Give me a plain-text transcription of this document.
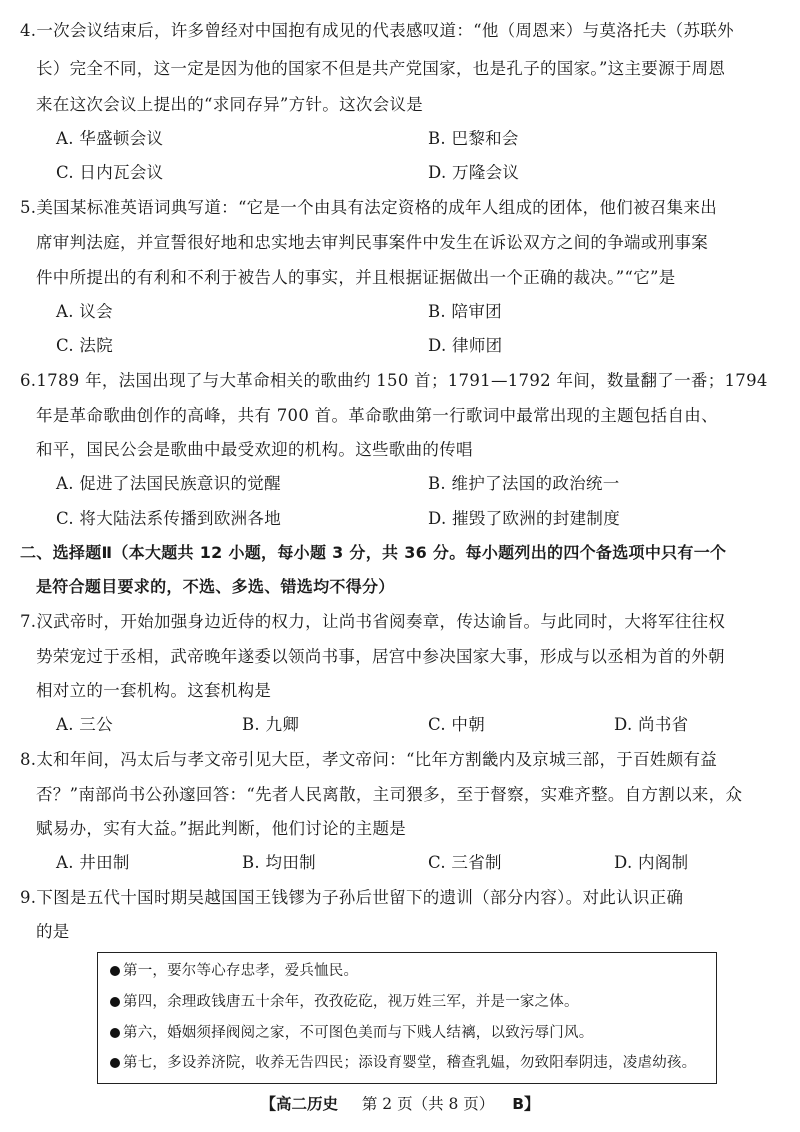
4.一次会议结束后，许多曾经对中国抱有成见的代表感叹道：“他（周恩来）与莫洛托夫（苏联外
长）完全不同，这一定是因为他的国家不但是共产党国家，也是孔子的国家。”这主要源于周恩
来在这次会议上提出的“求同存异”方针。这次会议是
A. 华盛顿会议	B. 巴黎和会
C. 日内瓦会议	D. 万隆会议
5.美国某标准英语词典写道：“它是一个由具有法定资格的成年人组成的团体，他们被召集来出
席审判法庭，并宣誓很好地和忠实地去审判民事案件中发生在诉讼双方之间的争端或刑事案
件中所提出的有利和不利于被告人的事实，并且根据证据做出一个正确的裁决。”“它”是
A. 议会	B. 陪审团
C. 法院	D. 律师团
6.1789 年，法国出现了与大革命相关的歌曲约 150 首；1791—1792 年间，数量翻了一番；1794
年是革命歌曲创作的高峰，共有 700 首。革命歌曲第一行歌词中最常出现的主题包括自由、
和平，国民公会是歌曲中最受欢迎的机构。这些歌曲的传唱
A. 促进了法国民族意识的觉醒	B. 维护了法国的政治统一
C. 将大陆法系传播到欧洲各地	D. 摧毁了欧洲的封建制度
二、选择题Ⅱ（本大题共 12 小题，每小题 3 分，共 36 分。每小题列出的四个备选项中只有一个
是符合题目要求的，不选、多选、错选均不得分）
7.汉武帝时，开始加强身边近侍的权力，让尚书省阅奏章，传达谕旨。与此同时，大将军往往权
势荣宠过于丞相，武帝晚年遂委以领尚书事，居宫中参决国家大事，形成与以丞相为首的外朝
相对立的一套机构。这套机构是
A. 三公	B. 九卿	C. 中朝	D. 尚书省
8.太和年间，冯太后与孝文帝引见大臣，孝文帝问：“比年方割畿内及京城三部，于百姓颇有益
否？”南部尚书公孙邃回答：“先者人民离散，主司猥多，至于督察，实难齐整。自方割以来，众
赋易办，实有大益。”据此判断，他们讨论的主题是
A. 井田制	B. 均田制	C. 三省制	D. 内阁制
9.下图是五代十国时期吴越国国王钱镠为子孙后世留下的遗训（部分内容）。对此认识正确
的是
第一，要尔等心存忠孝，爱兵恤民。
第四，余理政钱唐五十余年，孜孜矻矻，视万姓三军，并是一家之体。
第六，婚姻须择阀阅之家，不可图色美而与下贱人结褵，以致污辱门风。
第七，多设养济院，收养无告四民；添设育婴堂，稽查乳媪，勿致阳奉阴违，凌虐幼孩。
【高二历史 第 2 页（共 8 页） B】
